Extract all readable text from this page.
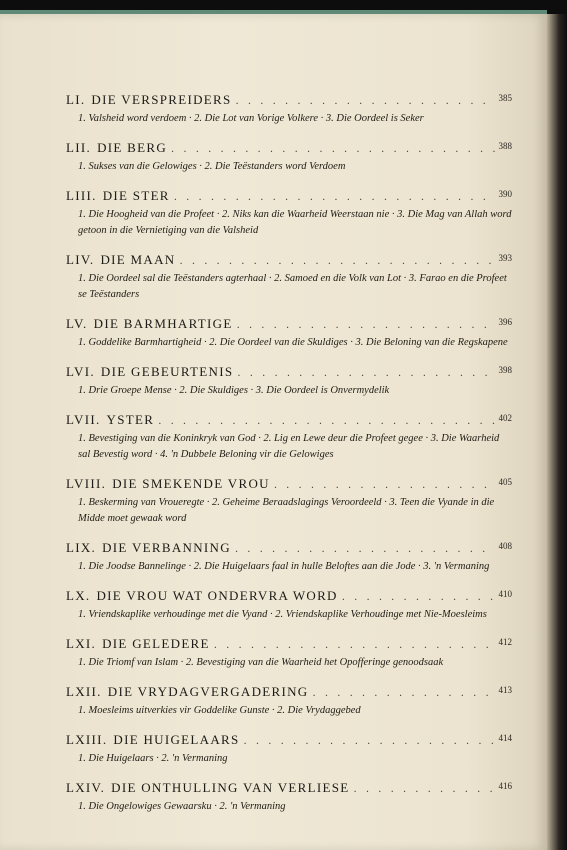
LI. DIE VERSPREIDERS . . .	385
1. Valsheid word verdoem · 2. Die Lot van Vorige Volkere · 3. Die Oordeel is Seker
LII. DIE BERG . . .	388
1. Sukses van die Gelowiges · 2. Die Teëstanders word Verdoem
LIII. DIE STER . . .	390
1. Die Hoogheid van die Profeet · 2. Niks kan die Waarheid Weerstaan nie · 3. Die Mag van Allah word getoon in die Vernietiging van die Valsheid
LIV. DIE MAAN . . .	393
1. Die Oordeel sal die Teëstanders agterhaal · 2. Samoed en die Volk van Lot · 3. Farao en die Profeet se Teëstanders
LV. DIE BARMHARTIGE . . .	396
1. Goddelike Barmhartigheid · 2. Die Oordeel van die Skuldiges · 3. Die Beloning van die Regskapene
LVI. DIE GEBEURTENIS . . .	398
1. Drie Groepe Mense · 2. Die Skuldiges · 3. Die Oordeel is Onvermydelik
LVII. YSTER . . .	402
1. Bevestiging van die Koninkryk van God · 2. Lig en Lewe deur die Profeet gegee · 3. Die Waarheid sal Bevestig word · 4. 'n Dubbele Beloning vir die Gelowiges
LVIII. DIE SMEKENDE VROU . . .	405
1. Beskerming van Vroueregte · 2. Geheime Beraadslagings Veroordeeld · 3. Teen die Vyande in die Midde moet gewaak word
LIX. DIE VERBANNING . . .	408
1. Die Joodse Bannelinge · 2. Die Huigelaars faal in hulle Beloftes aan die Jode · 3. 'n Vermaning
LX. DIE VROU WAT ONDERVRA WORD . . .	410
1. Vriendskaplike verhoudinge met die Vyand · 2. Vriendskaplike Verhoudinge met Nie-Moesleims
LXI. DIE GELEDERE . . .	412
1. Die Triomf van Islam · 2. Bevestiging van die Waarheid het Opofferinge genoodsaak
LXII. DIE VRYDAGVERGADERING . . .	413
1. Moesleims uitverkies vir Goddelike Gunste · 2. Die Vrydaggebed
LXIII. DIE HUIGELAARS . . .	414
1. Die Huigelaars · 2. 'n Vermaning
LXIV. DIE ONTHULLING VAN VERLIESE . . .	416
1. Die Ongelowiges Gewaarsku · 2. 'n Vermaning
